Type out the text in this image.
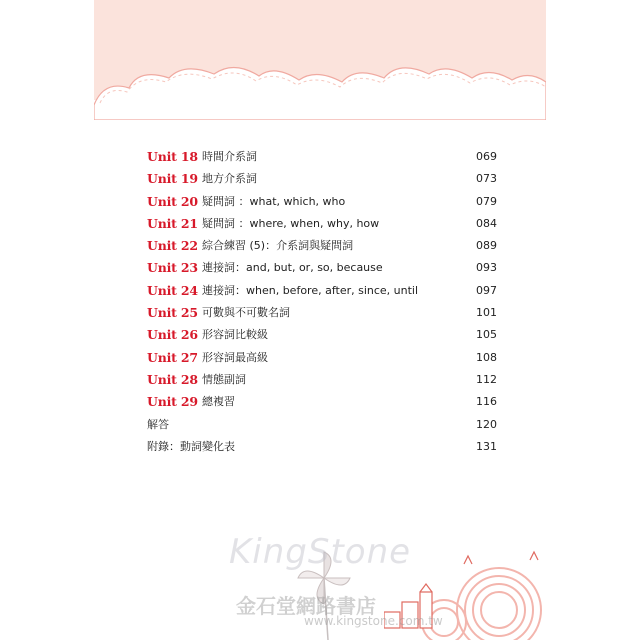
Unit 18 時間介系詞	069
Unit 19 地方介系詞	073
Unit 20 疑問詞 ：what, which, who	079
Unit 21 疑問詞 ：where, when, why, how	084
Unit 22 綜合練習 (5)：介系詞與疑問詞	089
Unit 23 連接詞：and, but, or, so, because	093
Unit 24 連接詞：when, before, after, since, until	097
Unit 25 可數與不可數名詞	101
Unit 26 形容詞比較級	105
Unit 27 形容詞最高級	108
Unit 28 情態副詞	112
Unit 29 總複習	116
解答	120
附錄：動詞變化表	131
KingStone
金石堂網路書店
www.kingstone.com.tw
